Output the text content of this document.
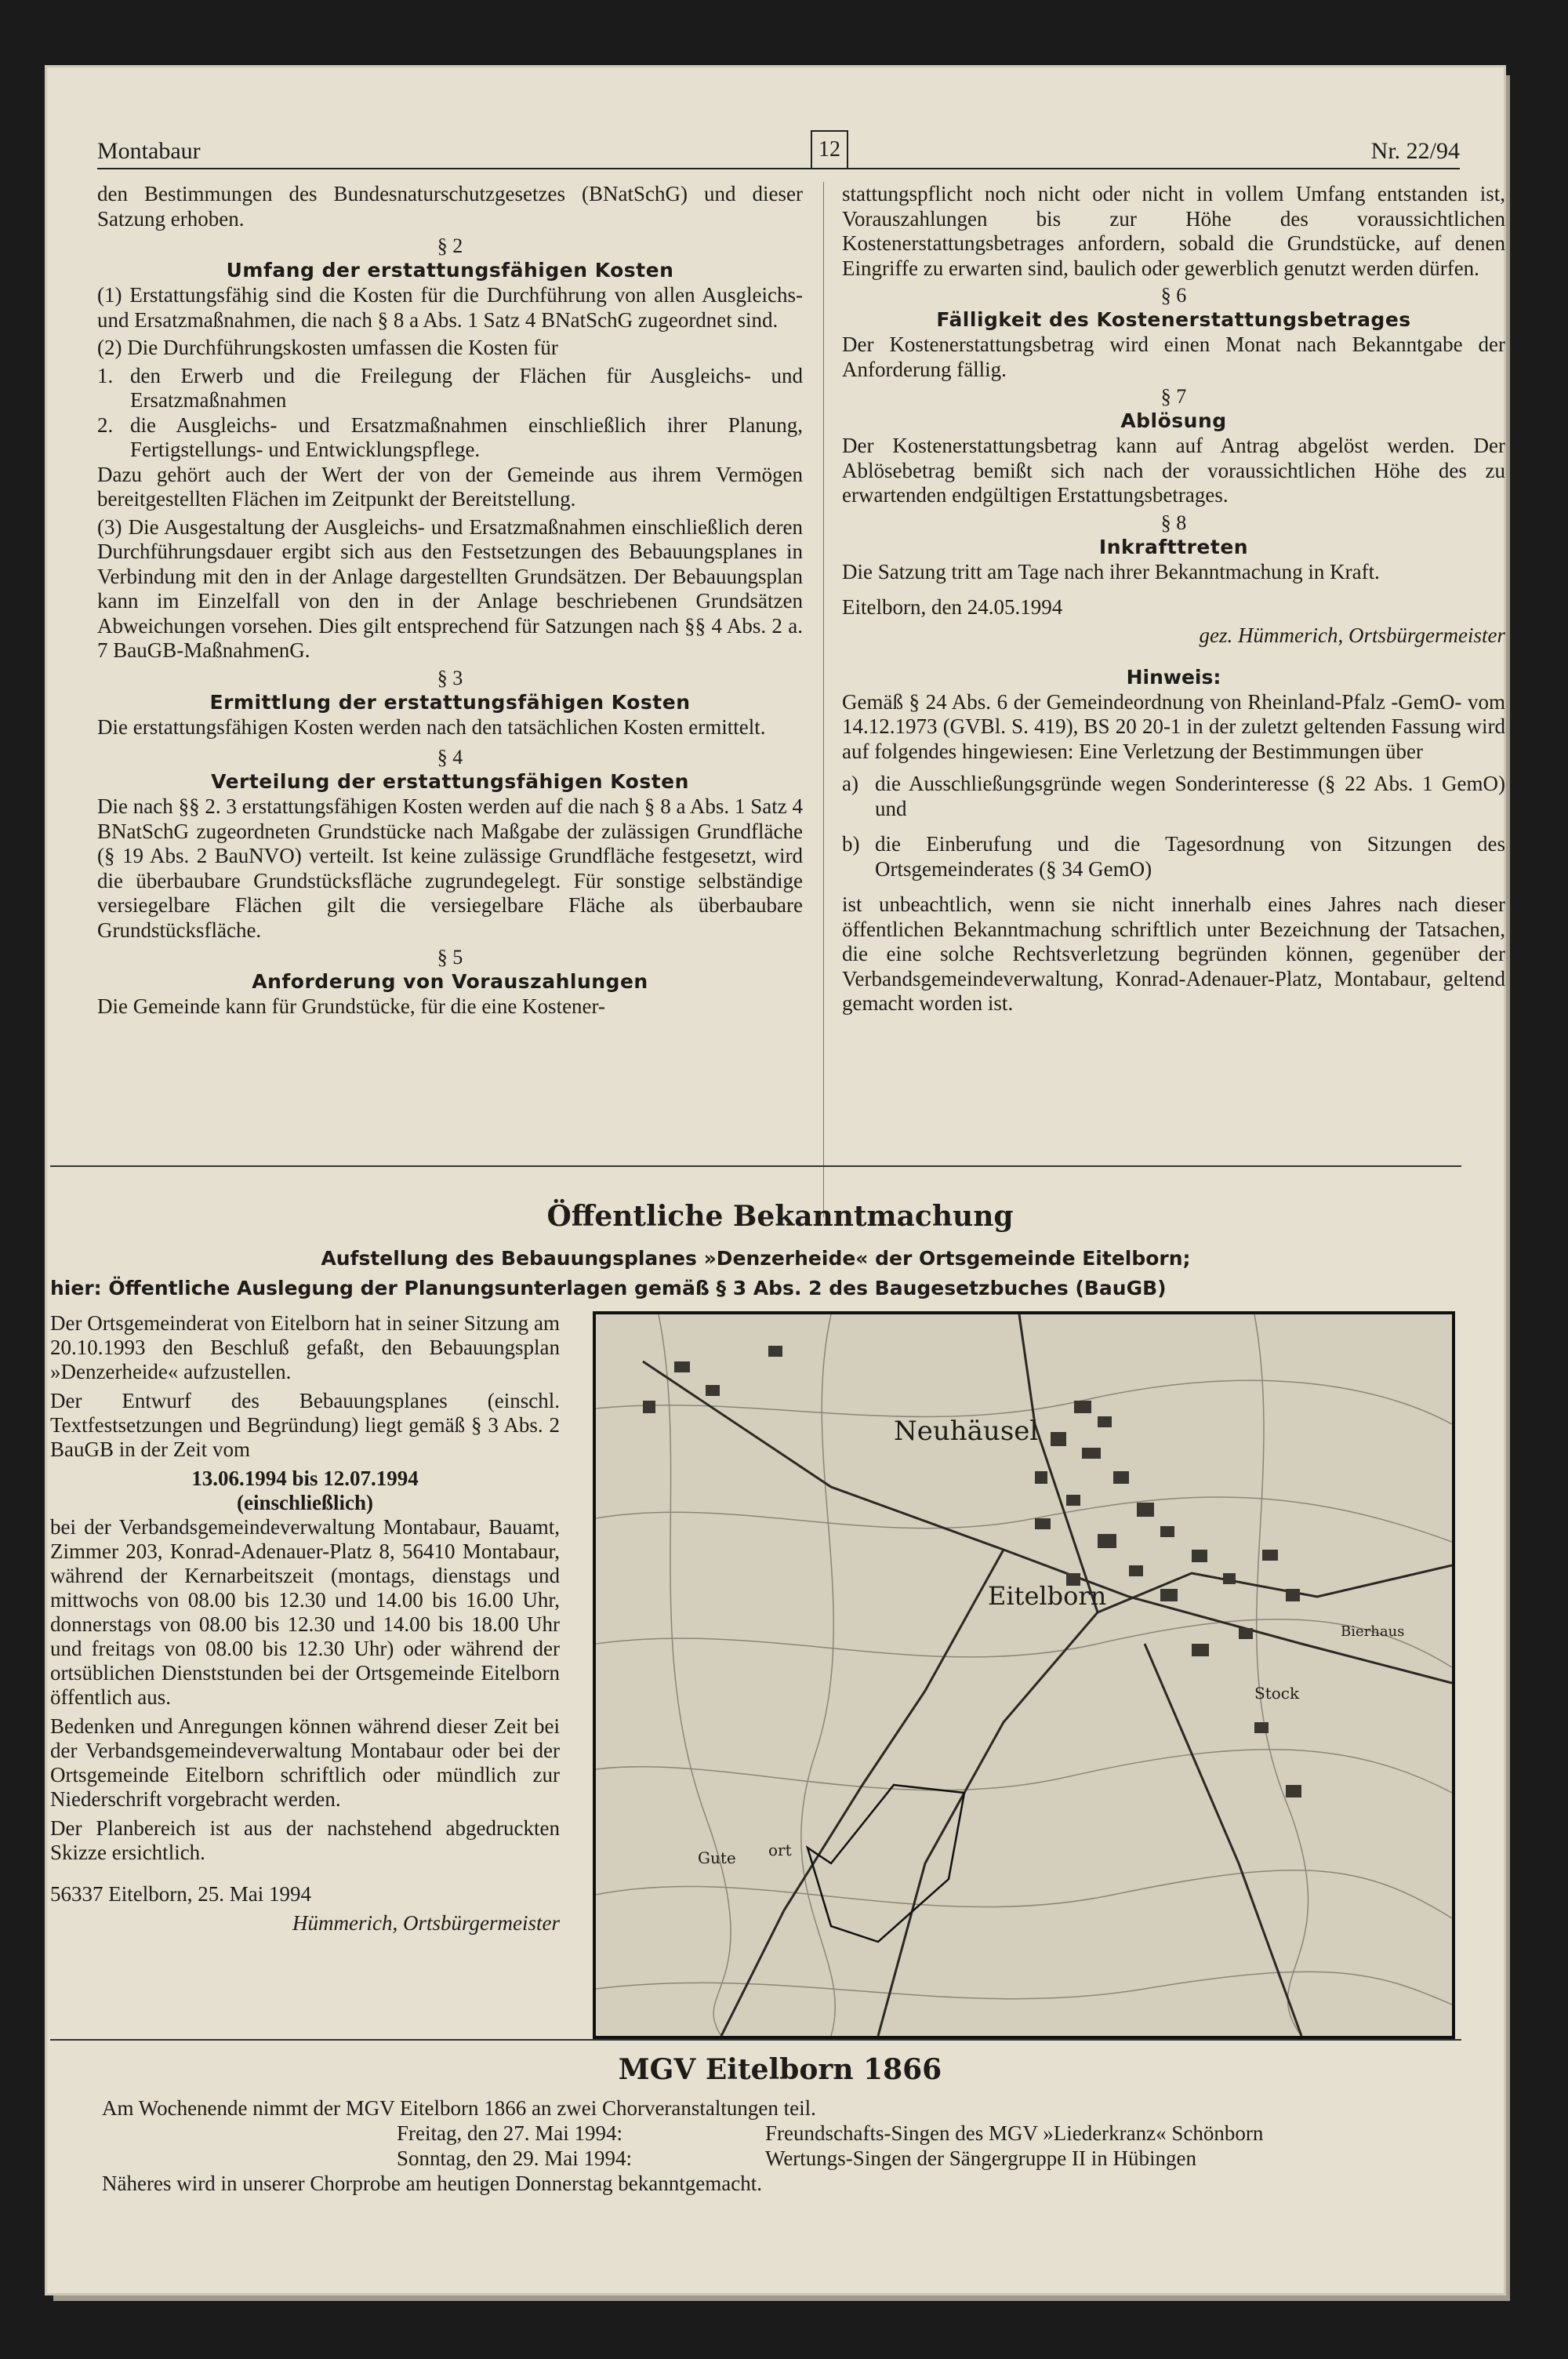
Montabaur	12	Nr. 22/94

den Bestimmungen des Bundesnaturschutzgesetzes (BNatSchG) und dieser Satzung erhoben.

§ 2
Umfang der erstattungsfähigen Kosten

(1) Erstattungsfähig sind die Kosten für die Durchführung von allen Ausgleichs- und Ersatzmaßnahmen, die nach § 8 a Abs. 1 Satz 4 BNatSchG zugeordnet sind.

(2) Die Durchführungskosten umfassen die Kosten für

1. den Erwerb und die Freilegung der Flächen für Ausgleichs- und Ersatzmaßnahmen
2. die Ausgleichs- und Ersatzmaßnahmen einschließlich ihrer Planung, Fertigstellungs- und Entwicklungspflege.

Dazu gehört auch der Wert der von der Gemeinde aus ihrem Vermögen bereitgestellten Flächen im Zeitpunkt der Bereitstellung.

(3) Die Ausgestaltung der Ausgleichs- und Ersatzmaßnahmen einschließlich deren Durchführungsdauer ergibt sich aus den Festsetzungen des Bebauungsplanes in Verbindung mit den in der Anlage dargestellten Grundsätzen. Der Bebauungsplan kann im Einzelfall von den in der Anlage beschriebenen Grundsätzen Abweichungen vorsehen. Dies gilt entsprechend für Satzungen nach §§ 4 Abs. 2 a. 7 BauGB-MaßnahmenG.

§ 3
Ermittlung der erstattungsfähigen Kosten

Die erstattungsfähigen Kosten werden nach den tatsächlichen Kosten ermittelt.

§ 4
Verteilung der erstattungsfähigen Kosten

Die nach §§ 2. 3 erstattungsfähigen Kosten werden auf die nach § 8 a Abs. 1 Satz 4 BNatSchG zugeordneten Grundstücke nach Maßgabe der zulässigen Grundfläche (§ 19 Abs. 2 BauNVO) verteilt. Ist keine zulässige Grundfläche festgesetzt, wird die überbaubare Grundstücksfläche zugrundegelegt. Für sonstige selbständige versiegelbare Flächen gilt die versiegelbare Fläche als überbaubare Grundstücksfläche.

§ 5
Anforderung von Vorauszahlungen

Die Gemeinde kann für Grundstücke, für die eine Kostener-

stattungspflicht noch nicht oder nicht in vollem Umfang entstanden ist, Vorauszahlungen bis zur Höhe des voraussichtlichen Kostenerstattungsbetrages anfordern, sobald die Grundstücke, auf denen Eingriffe zu erwarten sind, baulich oder gewerblich genutzt werden dürfen.

§ 6
Fälligkeit des Kostenerstattungsbetrages

Der Kostenerstattungsbetrag wird einen Monat nach Bekanntgabe der Anforderung fällig.

§ 7
Ablösung

Der Kostenerstattungsbetrag kann auf Antrag abgelöst werden. Der Ablösebetrag bemißt sich nach der voraussichtlichen Höhe des zu erwartenden endgültigen Erstattungsbetrages.

§ 8
Inkrafttreten

Die Satzung tritt am Tage nach ihrer Bekanntmachung in Kraft.

Eitelborn, den 24.05.1994

gez. Hümmerich, Ortsbürgermeister

Hinweis:

Gemäß § 24 Abs. 6 der Gemeindeordnung von Rheinland-Pfalz -GemO- vom 14.12.1973 (GVBl. S. 419), BS 20 20-1 in der zuletzt geltenden Fassung wird auf folgendes hingewiesen: Eine Verletzung der Bestimmungen über

a) die Ausschließungsgründe wegen Sonderinteresse (§ 22 Abs. 1 GemO) und
b) die Einberufung und die Tagesordnung von Sitzungen des Ortsgemeinderates (§ 34 GemO)

ist unbeachtlich, wenn sie nicht innerhalb eines Jahres nach dieser öffentlichen Bekanntmachung schriftlich unter Bezeichnung der Tatsachen, die eine solche Rechtsverletzung begründen können, gegenüber der Verbandsgemeindeverwaltung, Konrad-Adenauer-Platz, Montabaur, geltend gemacht worden ist.

Öffentliche Bekanntmachung
Aufstellung des Bebauungsplanes »Denzerheide« der Ortsgemeinde Eitelborn;
hier: Öffentliche Auslegung der Planungsunterlagen gemäß § 3 Abs. 2 des Baugesetzbuches (BauGB)

Der Ortsgemeinderat von Eitelborn hat in seiner Sitzung am 20.10.1993 den Beschluß gefaßt, den Bebauungsplan »Denzerheide« aufzustellen.

Der Entwurf des Bebauungsplanes (einschl. Textfestsetzungen und Begründung) liegt gemäß § 3 Abs. 2 BauGB in der Zeit vom

13.06.1994 bis 12.07.1994
(einschließlich)

bei der Verbandsgemeindeverwaltung Montabaur, Bauamt, Zimmer 203, Konrad-Adenauer-Platz 8, 56410 Montabaur, während der Kernarbeitszeit (montags, dienstags und mittwochs von 08.00 bis 12.30 und 14.00 bis 16.00 Uhr, donnerstags von 08.00 bis 12.30 und 14.00 bis 18.00 Uhr und freitags von 08.00 bis 12.30 Uhr) oder während der ortsüblichen Dienststunden bei der Ortsgemeinde Eitelborn öffentlich aus.

Bedenken und Anregungen können während dieser Zeit bei der Verbandsgemeindeverwaltung Montabaur oder bei der Ortsgemeinde Eitelborn schriftlich oder mündlich zur Niederschrift vorgebracht werden.

Der Planbereich ist aus der nachstehend abgedruckten Skizze ersichtlich.

56337 Eitelborn, 25. Mai 1994

Hümmerich, Ortsbürgermeister

Neuhäusel
Eitelborn
Bierhaus
Stock
ort
Gute
MGV Eitelborn 1866
Am Wochenende nimmt der MGV Eitelborn 1866 an zwei Chorveranstaltungen teil.
Freitag, den 27. Mai 1994:	Freundschafts-Singen des MGV »Liederkranz« Schönborn
Sonntag, den 29. Mai 1994:	Wertungs-Singen der Sängergruppe II in Hübingen
Näheres wird in unserer Chorprobe am heutigen Donnerstag bekanntgemacht.
